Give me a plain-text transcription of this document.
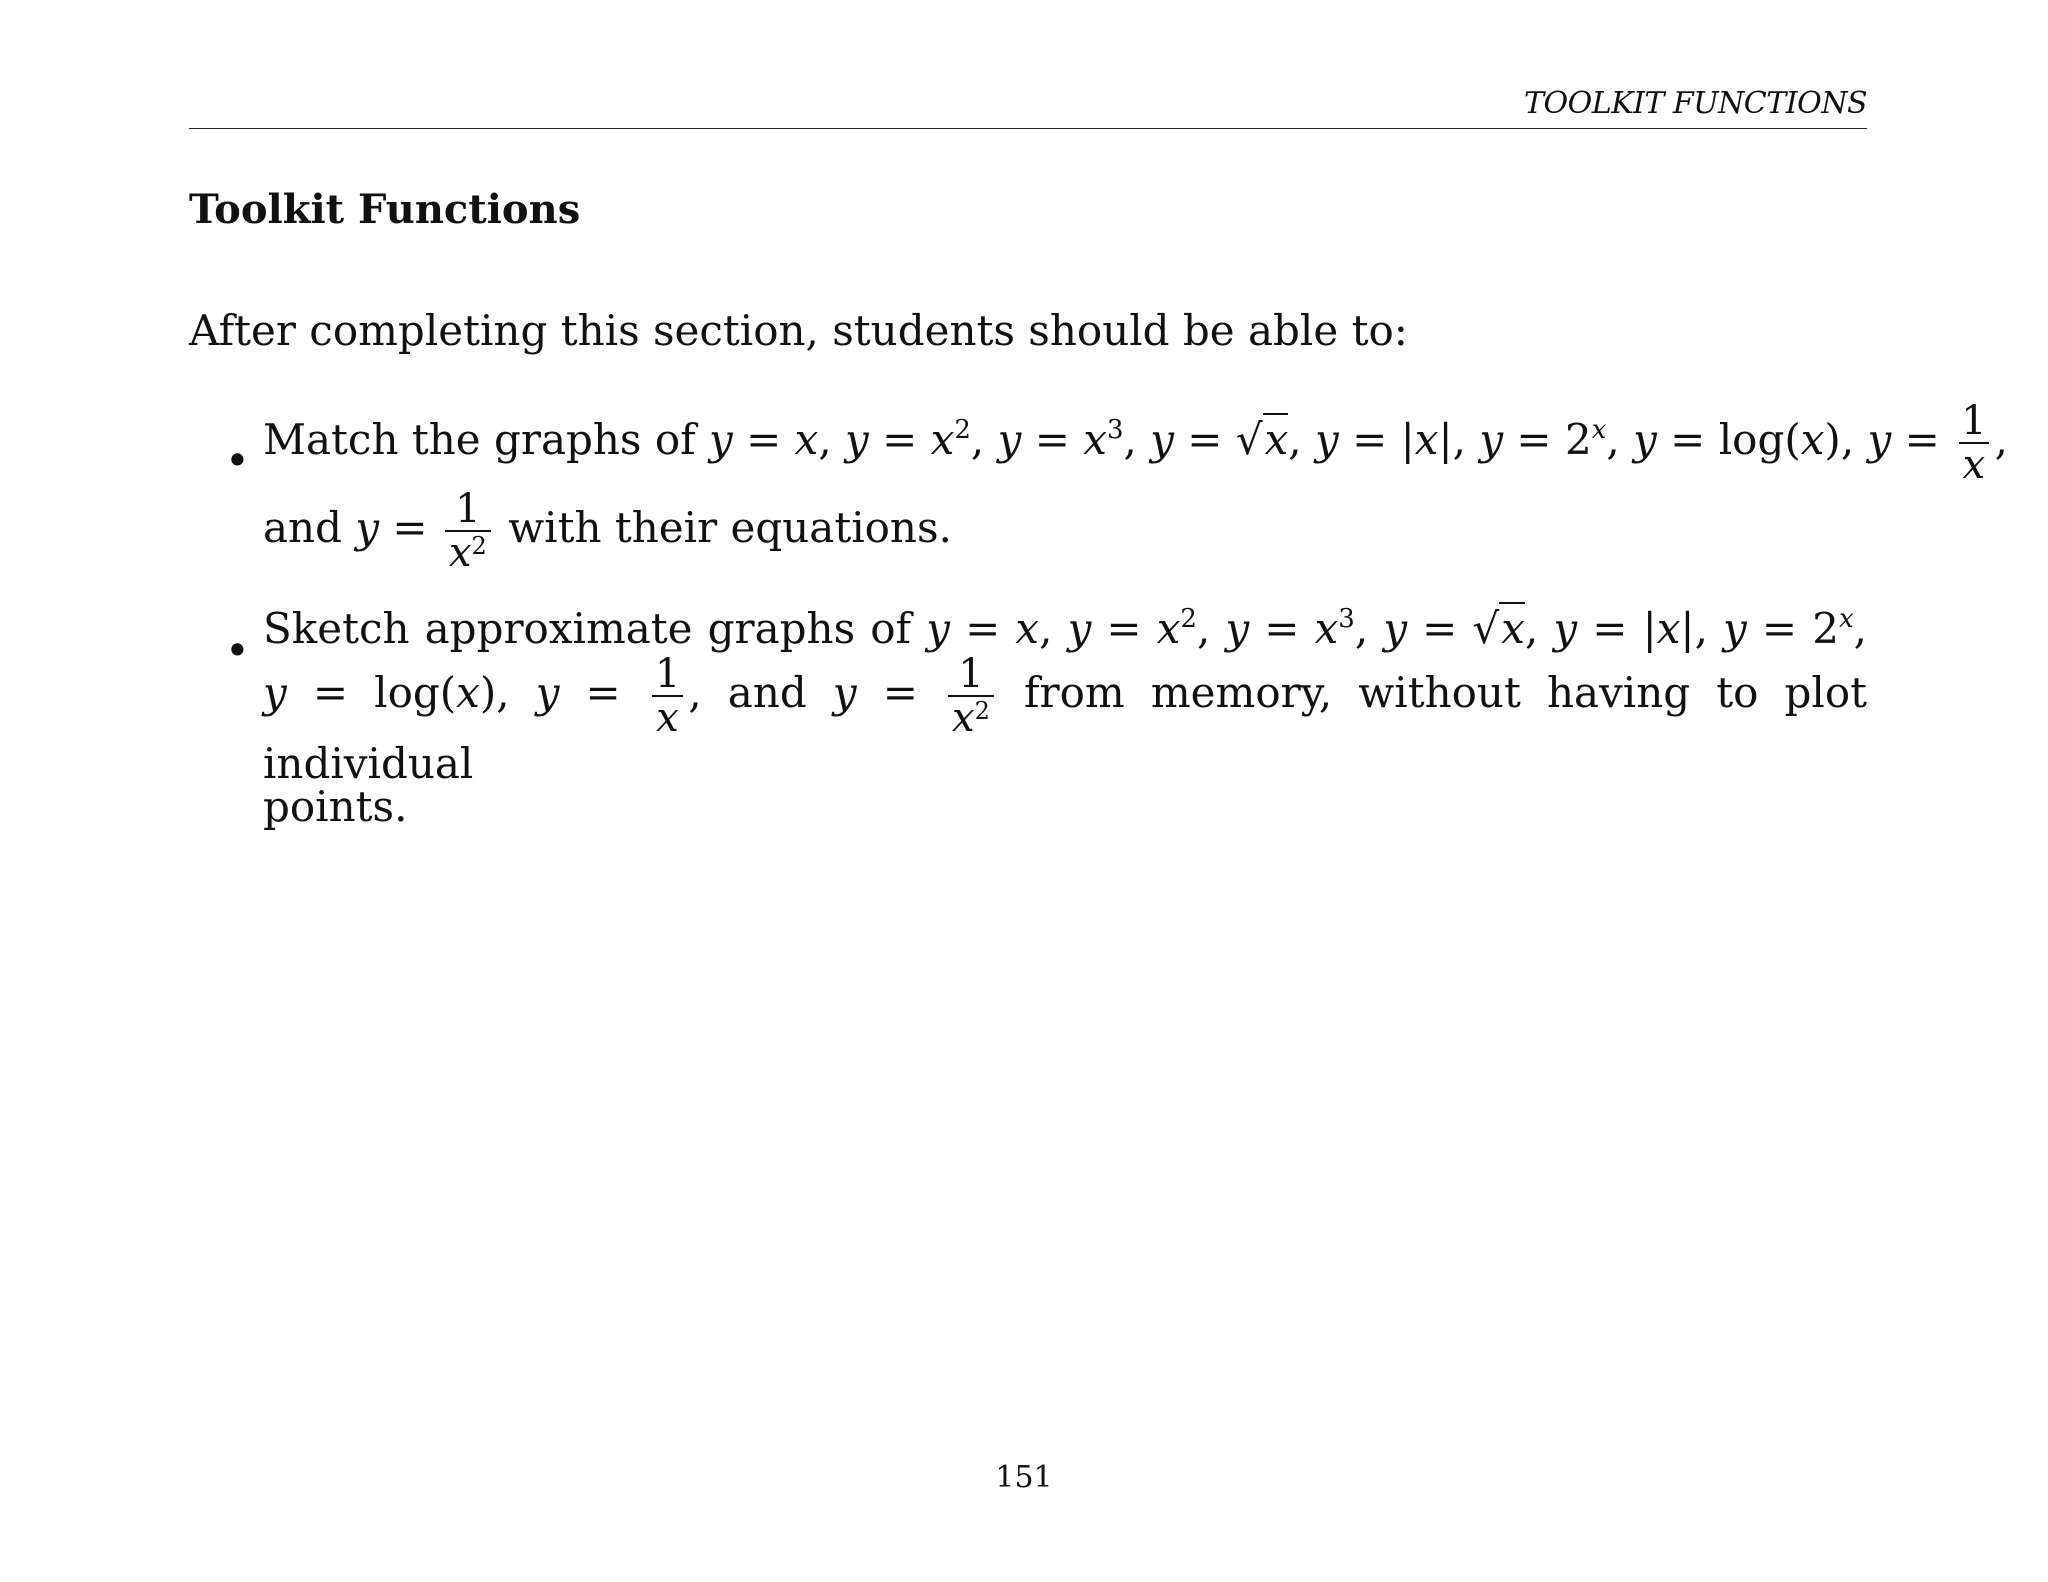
TOOLKIT FUNCTIONS
Toolkit Functions

After completing this section, students should be able to:

• Match the graphs of y = x, $y = x^2$, $y = x^3$, y = √x, y = |x|, $y = 2^x$, y = log(x), $y = \frac{1}{x}$ ,
and $y = \frac{1}{x^2}$ with their equations.
• Sketch approximate graphs of y = x, $y = x^2$, $y = x^3$, y = √x, y = |x|, $y = 2^x$,
y = log(x), $y = \frac{1}{x}$ , and $y = \frac{1}{x^2}$ from memory, without having to plot individual
points.
151
